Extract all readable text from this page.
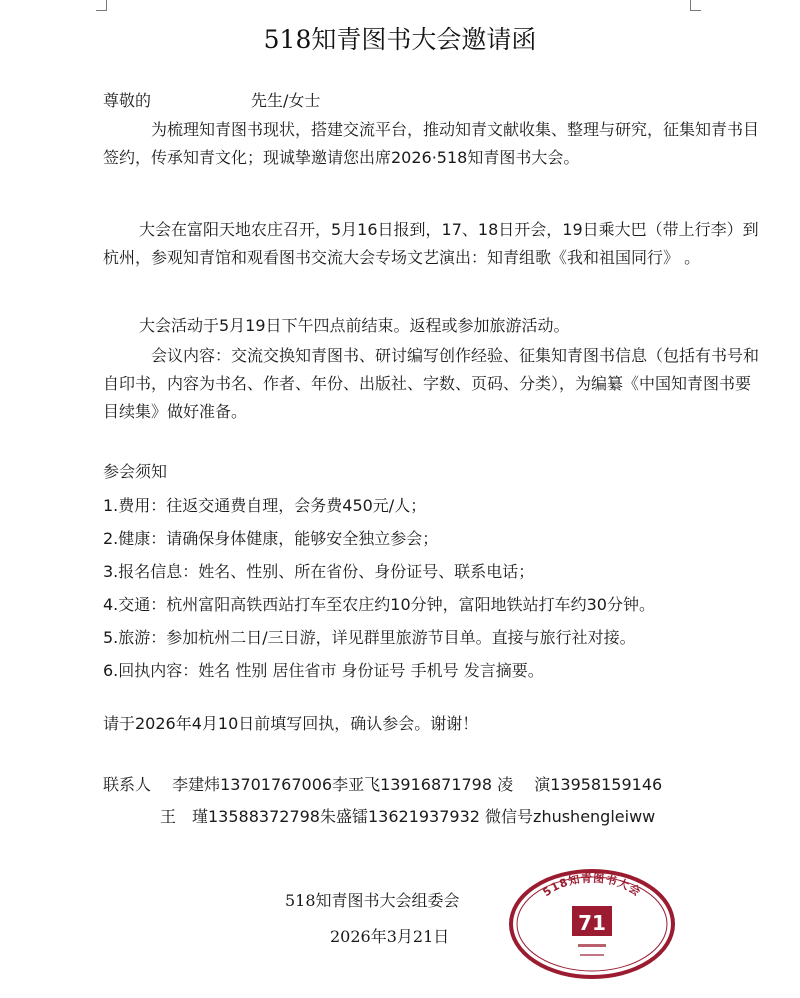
518知青图书大会邀请函
尊敬的	先生/女士
为梳理知青图书现状，搭建交流平台，推动知青文献收集、整理与研究，征集知青书目签约，传承知青文化；现诚挚邀请您出席2026·518知青图书大会。
大会在富阳天地农庄召开，5月16日报到，17、18日开会，19日乘大巴（带上行李）到杭州，参观知青馆和观看图书交流大会专场文艺演出：知青组歌《我和祖国同行》 。
大会活动于5月19日下午四点前结束。返程或参加旅游活动。
会议内容：交流交换知青图书、研讨编写创作经验、征集知青图书信息（包括有书号和自印书，内容为书名、作者、年份、出版社、字数、页码、分类），为编纂《中国知青图书要目续集》做好准备。
参会须知
1.费用：往返交通费自理，会务费450元/人；
2.健康：请确保身体健康，能够安全独立参会；
3.报名信息：姓名、性别、所在省份、身份证号、联系电话；
4.交通：杭州富阳高铁西站打车至农庄约10分钟，富阳地铁站打车约30分钟。
5.旅游：参加杭州二日/三日游，详见群里旅游节目单。直接与旅行社对接。
6.回执内容：姓名 性别 居住省市 身份证号 手机号 发言摘要。
请于2026年4月10日前填写回执，确认参会。谢谢！
联系人　 李建炜13701767006李亚飞13916871798 凌　 演13958159146
王　瑾13588372798朱盛镭13621937932 微信号zhushengleiww
518知青图书大会组委会
2026年3月21日
518知青图书大会
71
